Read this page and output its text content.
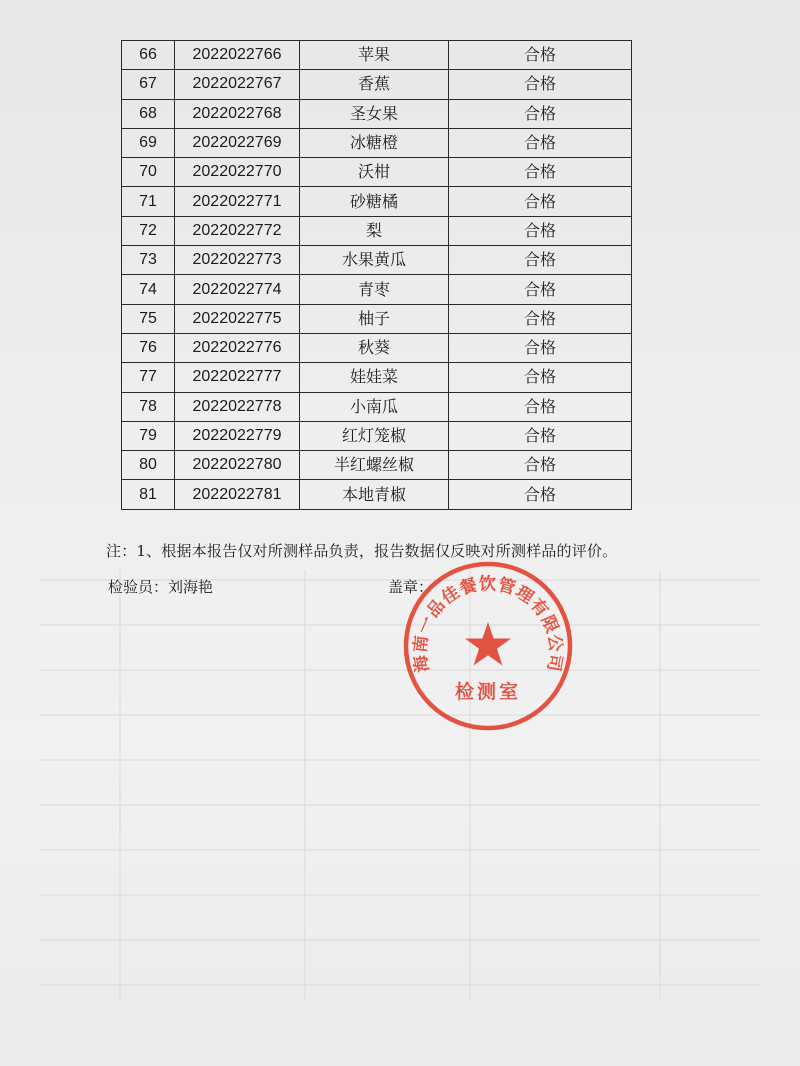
66	2022022766	苹果	合格
67	2022022767	香蕉	合格
68	2022022768	圣女果	合格
69	2022022769	冰糖橙	合格
70	2022022770	沃柑	合格
71	2022022771	砂糖橘	合格
72	2022022772	梨	合格
73	2022022773	水果黄瓜	合格
74	2022022774	青枣	合格
75	2022022775	柚子	合格
76	2022022776	秋葵	合格
77	2022022777	娃娃菜	合格
78	2022022778	小南瓜	合格
79	2022022779	红灯笼椒	合格
80	2022022780	半红螺丝椒	合格
81	2022022781	本地青椒	合格
注：1、根据本报告仅对所测样品负责，报告数据仅反映对所测样品的评价。
检验员：刘海艳	盖章：
海南一品佳餐饮管理有限公司
检测室
